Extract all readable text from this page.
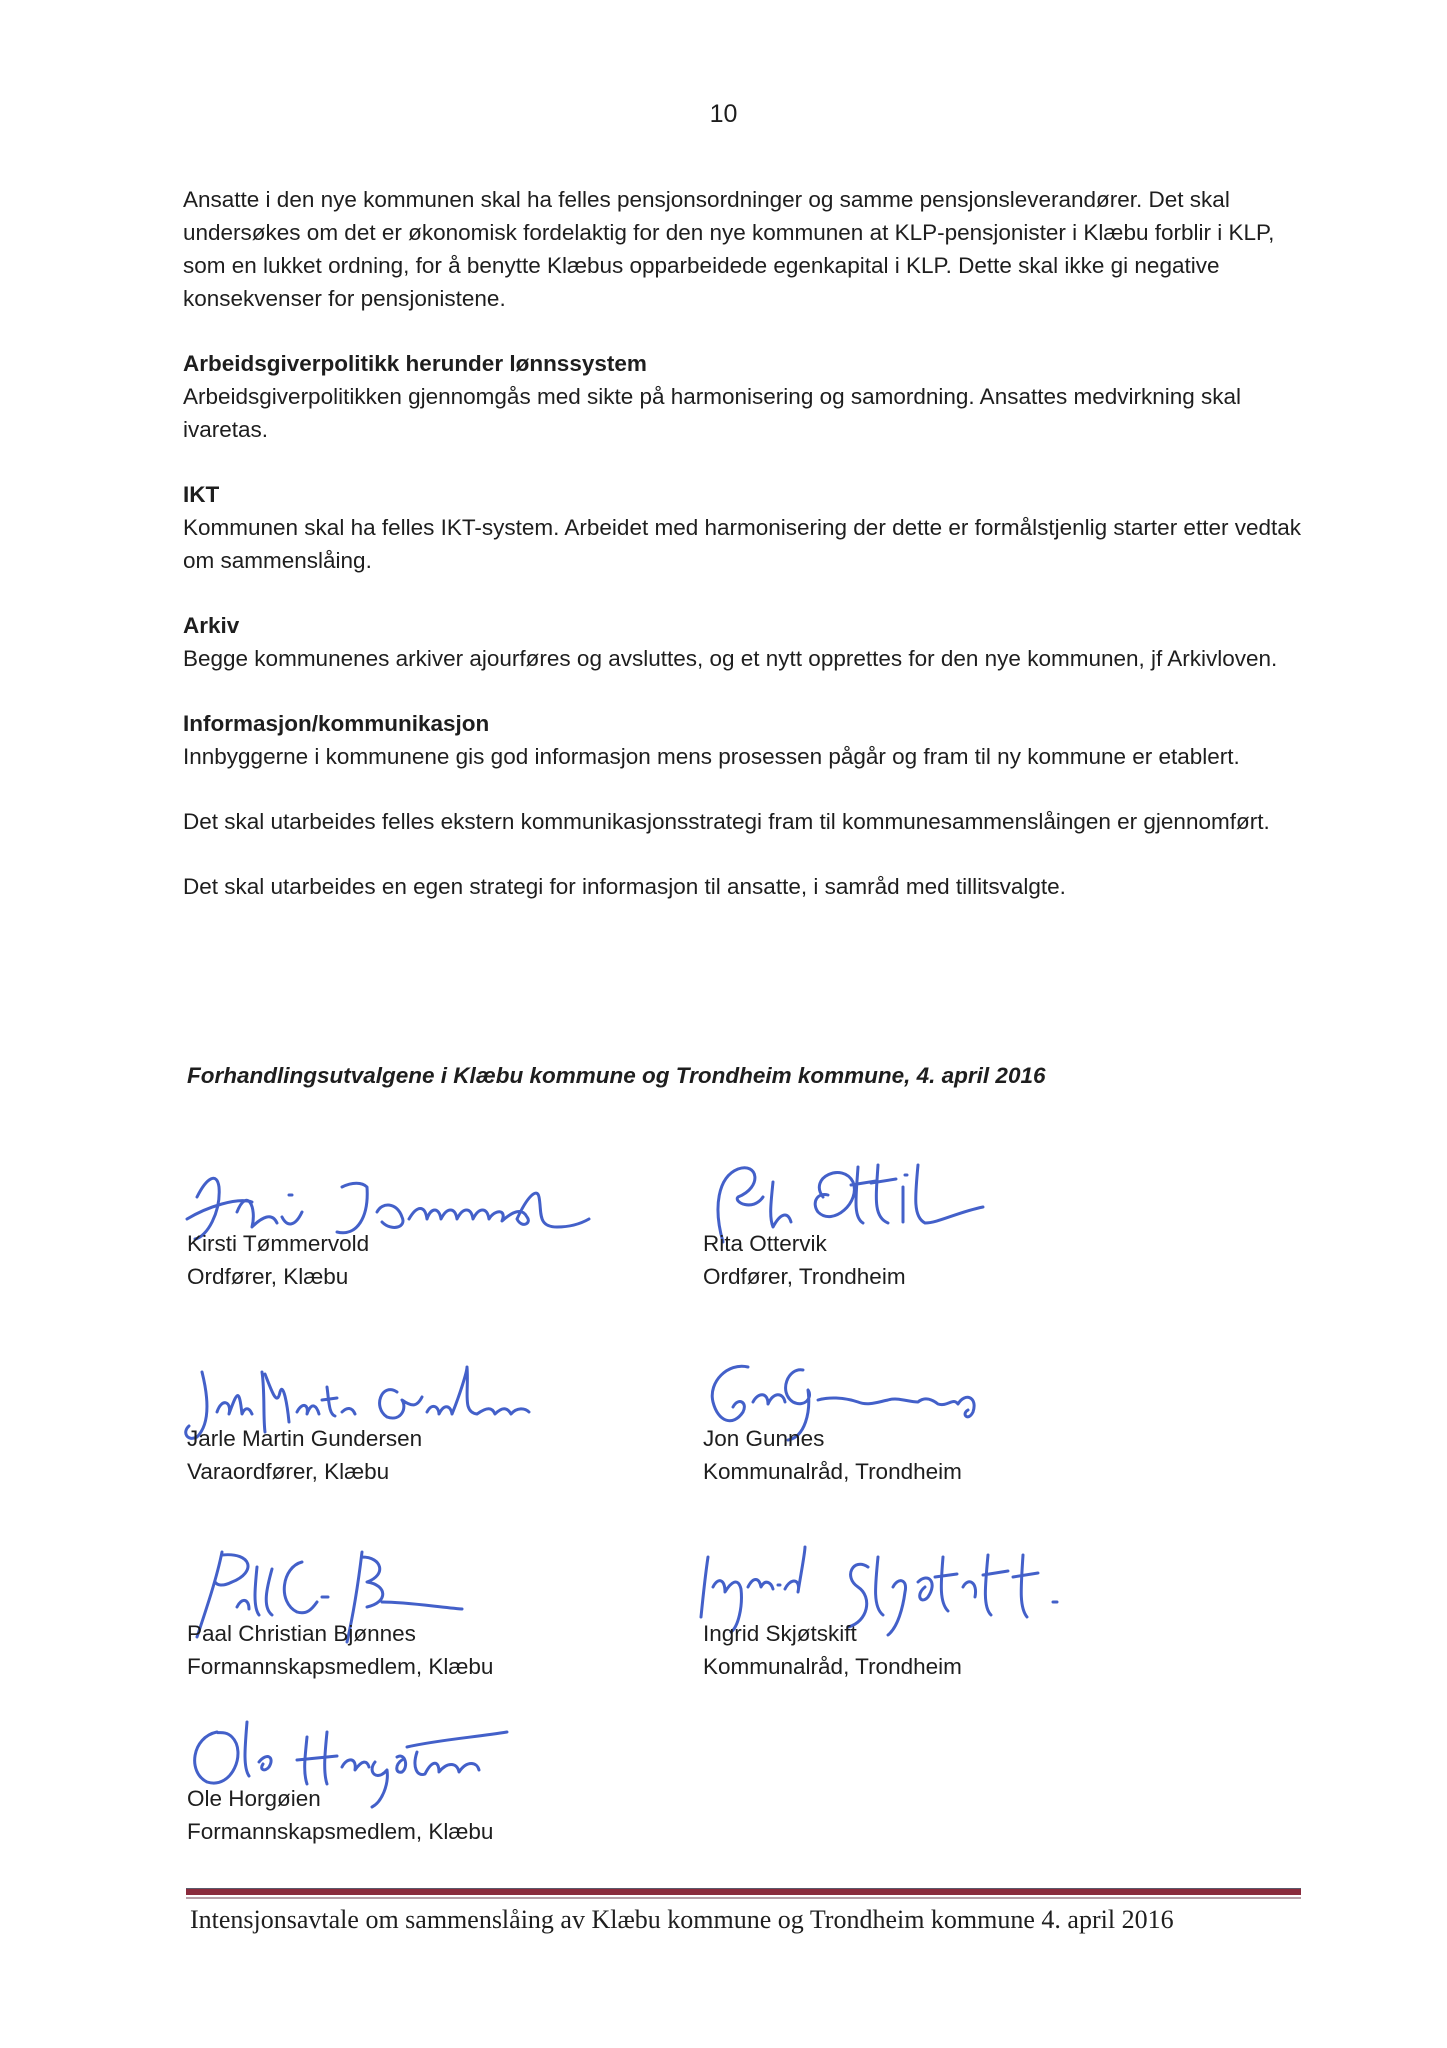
10

Ansatte i den nye kommunen skal ha felles pensjonsordninger og samme pensjonsleverandører. Det skal undersøkes om det er økonomisk fordelaktig for den nye kommunen at KLP-pensjonister i Klæbu forblir i KLP, som en lukket ordning, for å benytte Klæbus opparbeidede egenkapital i KLP. Dette skal ikke gi negative konsekvenser for pensjonistene.

Arbeidsgiverpolitikk herunder lønnssystem

Arbeidsgiverpolitikken gjennomgås med sikte på harmonisering og samordning. Ansattes medvirkning skal ivaretas.

IKT

Kommunen skal ha felles IKT-system. Arbeidet med harmonisering der dette er formålstjenlig starter etter vedtak om sammenslåing.

Arkiv

Begge kommunenes arkiver ajourføres og avsluttes, og et nytt opprettes for den nye kommunen, jf Arkivloven.

Informasjon/kommunikasjon

Innbyggerne i kommunene gis god informasjon mens prosessen pågår og fram til ny kommune er etablert.

Det skal utarbeides felles ekstern kommunikasjonsstrategi fram til kommunesammenslåingen er gjennomført.

Det skal utarbeides en egen strategi for informasjon til ansatte, i samråd med tillitsvalgte.

Forhandlingsutvalgene i Klæbu kommune og Trondheim kommune, 4. april 2016

Kirsti Tømmervold

Ordfører, Klæbu

Rita Ottervik

Ordfører, Trondheim

Jarle Martin Gundersen

Varaordfører, Klæbu

Jon Gunnes

Kommunalråd, Trondheim

Paal Christian Bjønnes

Formannskapsmedlem, Klæbu

Ingrid Skjøtskift

Kommunalråd, Trondheim

Ole Horgøien

Formannskapsmedlem, Klæbu

Intensjonsavtale om sammenslåing av Klæbu kommune og Trondheim kommune 4. april 2016
